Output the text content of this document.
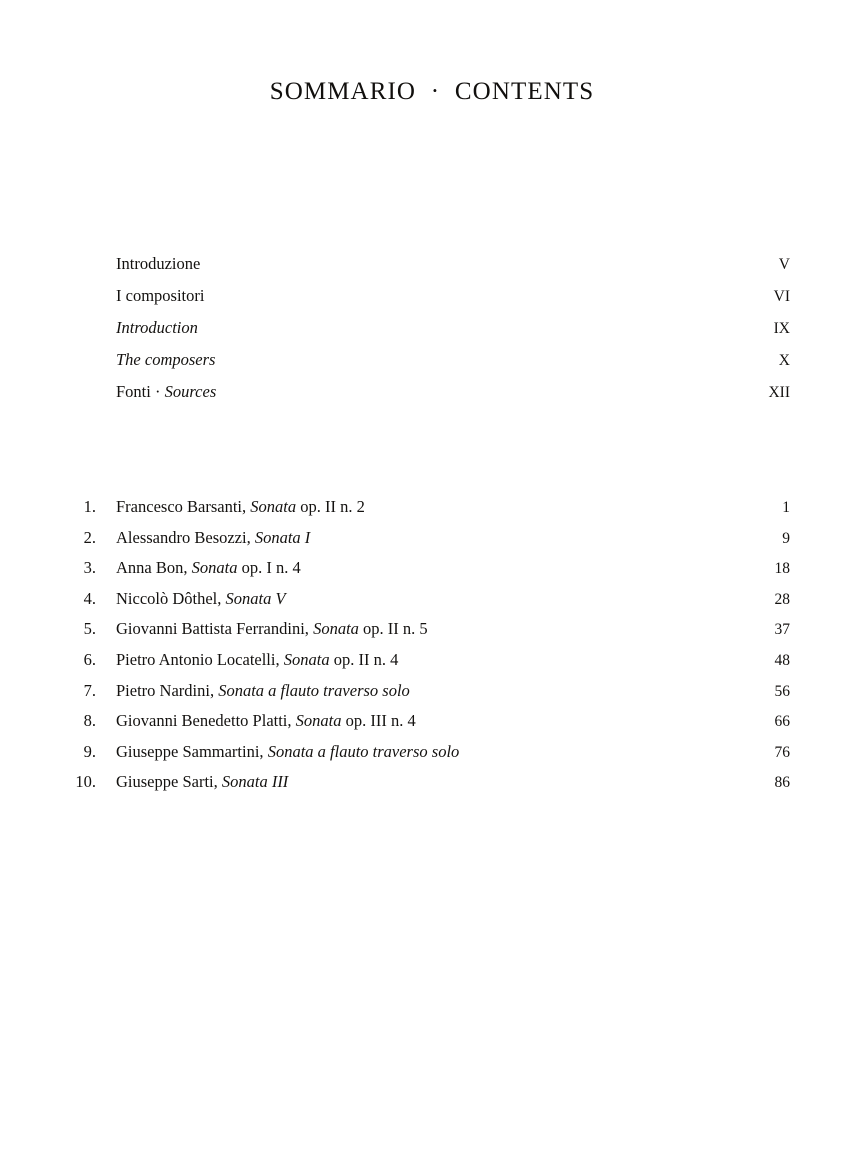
SOMMARIO  ·  CONTENTS
Introduzione	V
I compositori	VI
Introduction	IX
The composers	X
Fonti · Sources	XII
1.	Francesco Barsanti, Sonata op. II n. 2	1
2.	Alessandro Besozzi, Sonata I	9
3.	Anna Bon, Sonata op. I n. 4	18
4.	Niccolò Dôthel, Sonata V	28
5.	Giovanni Battista Ferrandini, Sonata op. II n. 5	37
6.	Pietro Antonio Locatelli, Sonata op. II n. 4	48
7.	Pietro Nardini, Sonata a flauto traverso solo	56
8.	Giovanni Benedetto Platti, Sonata op. III n. 4	66
9.	Giuseppe Sammartini, Sonata a flauto traverso solo	76
10.	Giuseppe Sarti, Sonata III	86
